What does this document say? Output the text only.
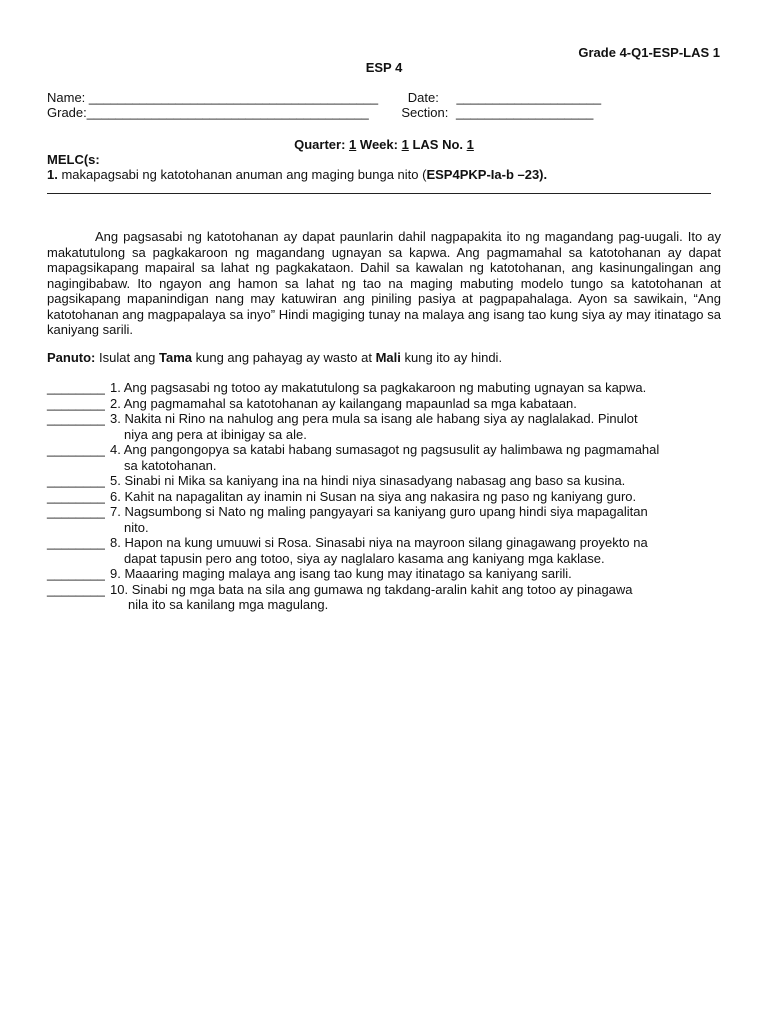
Grade 4-Q1-ESP-LAS 1
ESP 4
Name: ________________________________________ Date: ____________________
Grade:_______________________________________	Section: ___________________
Quarter: 1 Week: 1 LAS No. 1
MELC(s:
1. makapagsabi ng katotohanan anuman ang maging bunga nito (ESP4PKP-Ia-b –23).
Ang pagsasabi ng katotohanan ay dapat paunlarin dahil nagpapakita ito ng magandang pag-uugali. Ito ay makatutulong sa pagkakaroon ng magandang ugnayan sa kapwa. Ang pagmamahal sa katotohanan ay dapat mapagsikapang mapairal sa lahat ng pagkakataon. Dahil sa kawalan ng katotohanan, ang kasinungalingan ang nagingibabaw. Ito ngayon ang hamon sa lahat ng tao na maging mabuting modelo tungo sa katotohanan at pagsikapang mapanindigan nang may katuwiran ang piniling pasiya at pagpapahalaga. Ayon sa sawikain, “Ang katotohanan ang magpapalaya sa inyo” Hindi magiging tunay na malaya ang isang tao kung siya ay may itinatago sa kaniyang sarili.
Panuto: Isulat ang Tama kung ang pahayag ay wasto at Mali kung ito ay hindi.
________ 1. Ang pagsasabi ng totoo ay makatutulong sa pagkakaroon ng mabuting ugnayan sa kapwa.
________ 2. Ang pagmamahal sa katotohanan ay kailangang mapaunlad sa mga kabataan.
________ 3. Nakita ni Rino na nahulog ang pera mula sa isang ale habang siya ay naglalakad. Pinulot
niya ang pera at ibinigay sa ale.
________ 4. Ang pangongopya sa katabi habang sumasagot ng pagsusulit ay halimbawa ng pagmamahal
sa katotohanan.
________ 5. Sinabi ni Mika sa kaniyang ina na hindi niya sinasadyang nabasag ang baso sa kusina.
________ 6. Kahit na napagalitan ay inamin ni Susan na siya ang nakasira ng paso ng kaniyang guro.
________ 7. Nagsumbong si Nato ng maling pangyayari sa kaniyang guro upang hindi siya mapagalitan
nito.
________ 8. Hapon na kung umuuwi si Rosa. Sinasabi niya na mayroon silang ginagawang proyekto na
dapat tapusin pero ang totoo, siya ay naglalaro kasama ang kaniyang mga kaklase.
________ 9. Maaaring maging malaya ang isang tao kung may itinatago sa kaniyang sarili.
________ 10. Sinabi ng mga bata na sila ang gumawa ng takdang-aralin kahit ang totoo ay pinagawa
nila ito sa kanilang mga magulang.
